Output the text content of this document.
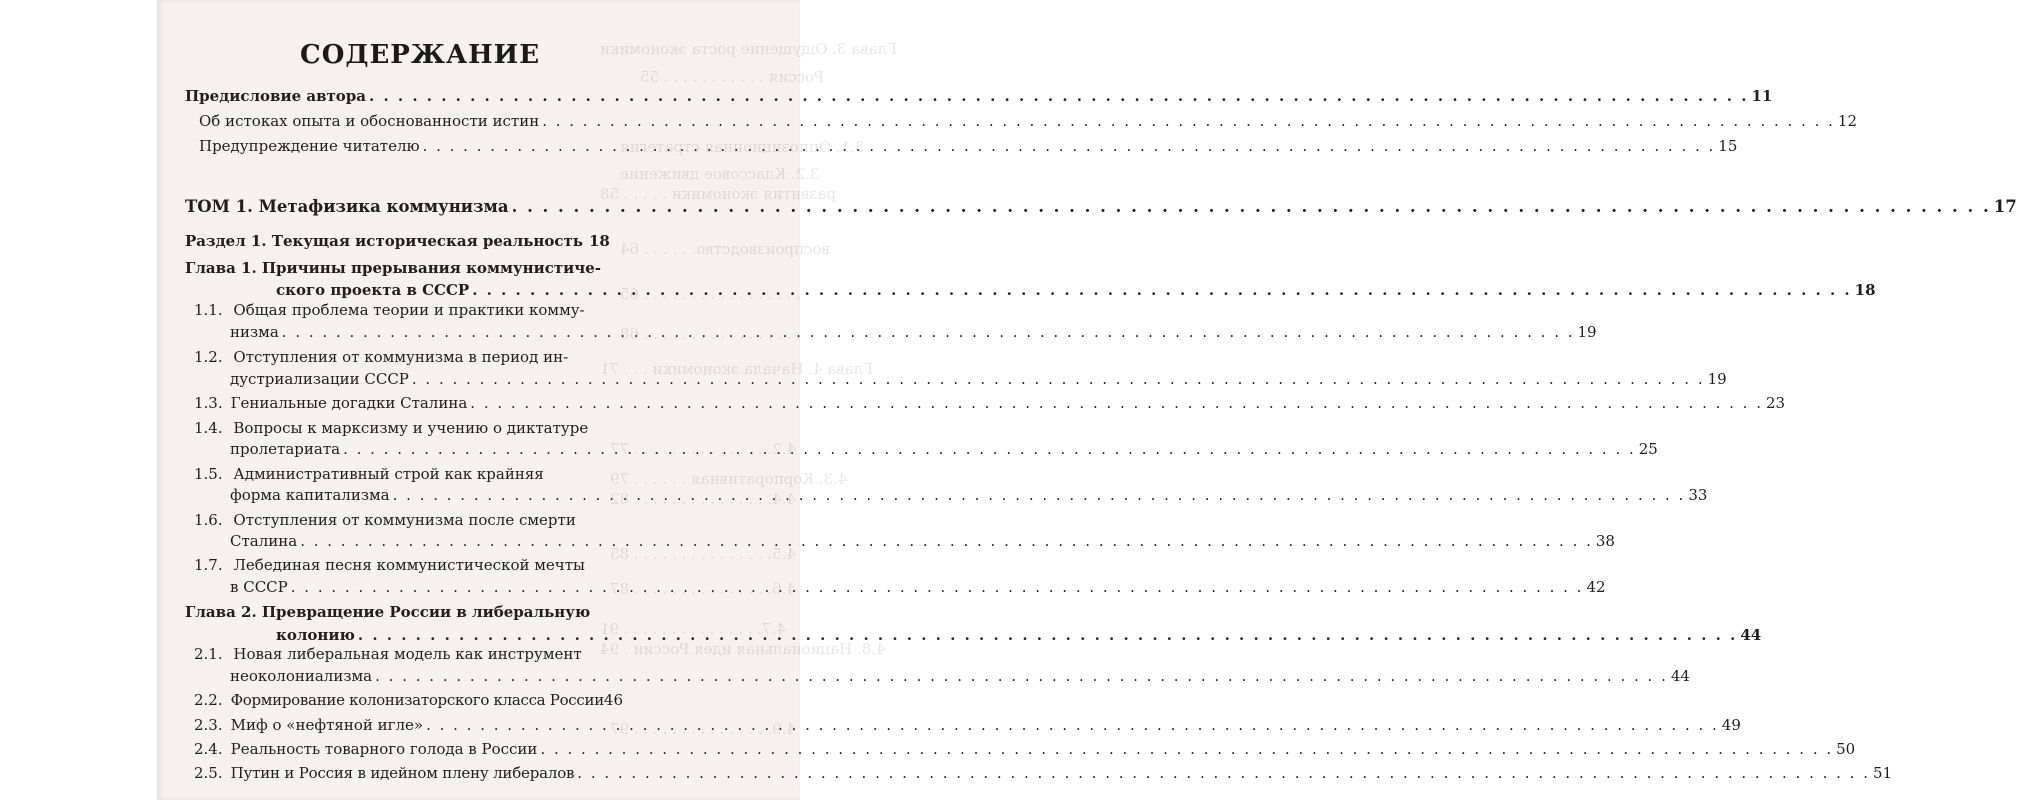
Глава 3.
3.1.
3.2.
Глава 4.
4.3.
4.8.
СОДЕРЖАНИЕ
Предисловие автора . . .	11
Об истоках опыта и обоснованности истин . . .	12
Предупреждение читателю . . .	15
ТОМ 1. Метафизика коммунизма . . .	17
Раздел 1. Текущая историческая реальность 18
Глава 1. Причины прерывания коммунистиче-
ского проекта в СССР . . .	18
1.1. Общая проблема теории и практики комму-
низма . . .	19
1.2. Отступления от коммунизма в период ин-
дустриализации СССР . . .	19
1.3. Гениальные догадки Сталина . . .	23
1.4. Вопросы к марксизму и учению о диктатуре
пролетариата . . .	25
1.5. Административный строй как крайняя
форма капитализма . . .	33
1.6. Отступления от коммунизма после смерти
Сталина . . .	38
1.7. Лебединая песня коммунистической мечты
в СССР . . .	42
Глава 2. Превращение России в либеральную
колонию . . .	44
2.1. Новая либеральная модель как инструмент
неоколониализма . . .	44
2.2. Формирование колонизаторского класса России 46
2.3. Миф о «нефтяной игле» . . .	49
2.4. Реальность товарного голода в России . . .	50
2.5. Путин и Россия в идейном плену либералов . . .	51
